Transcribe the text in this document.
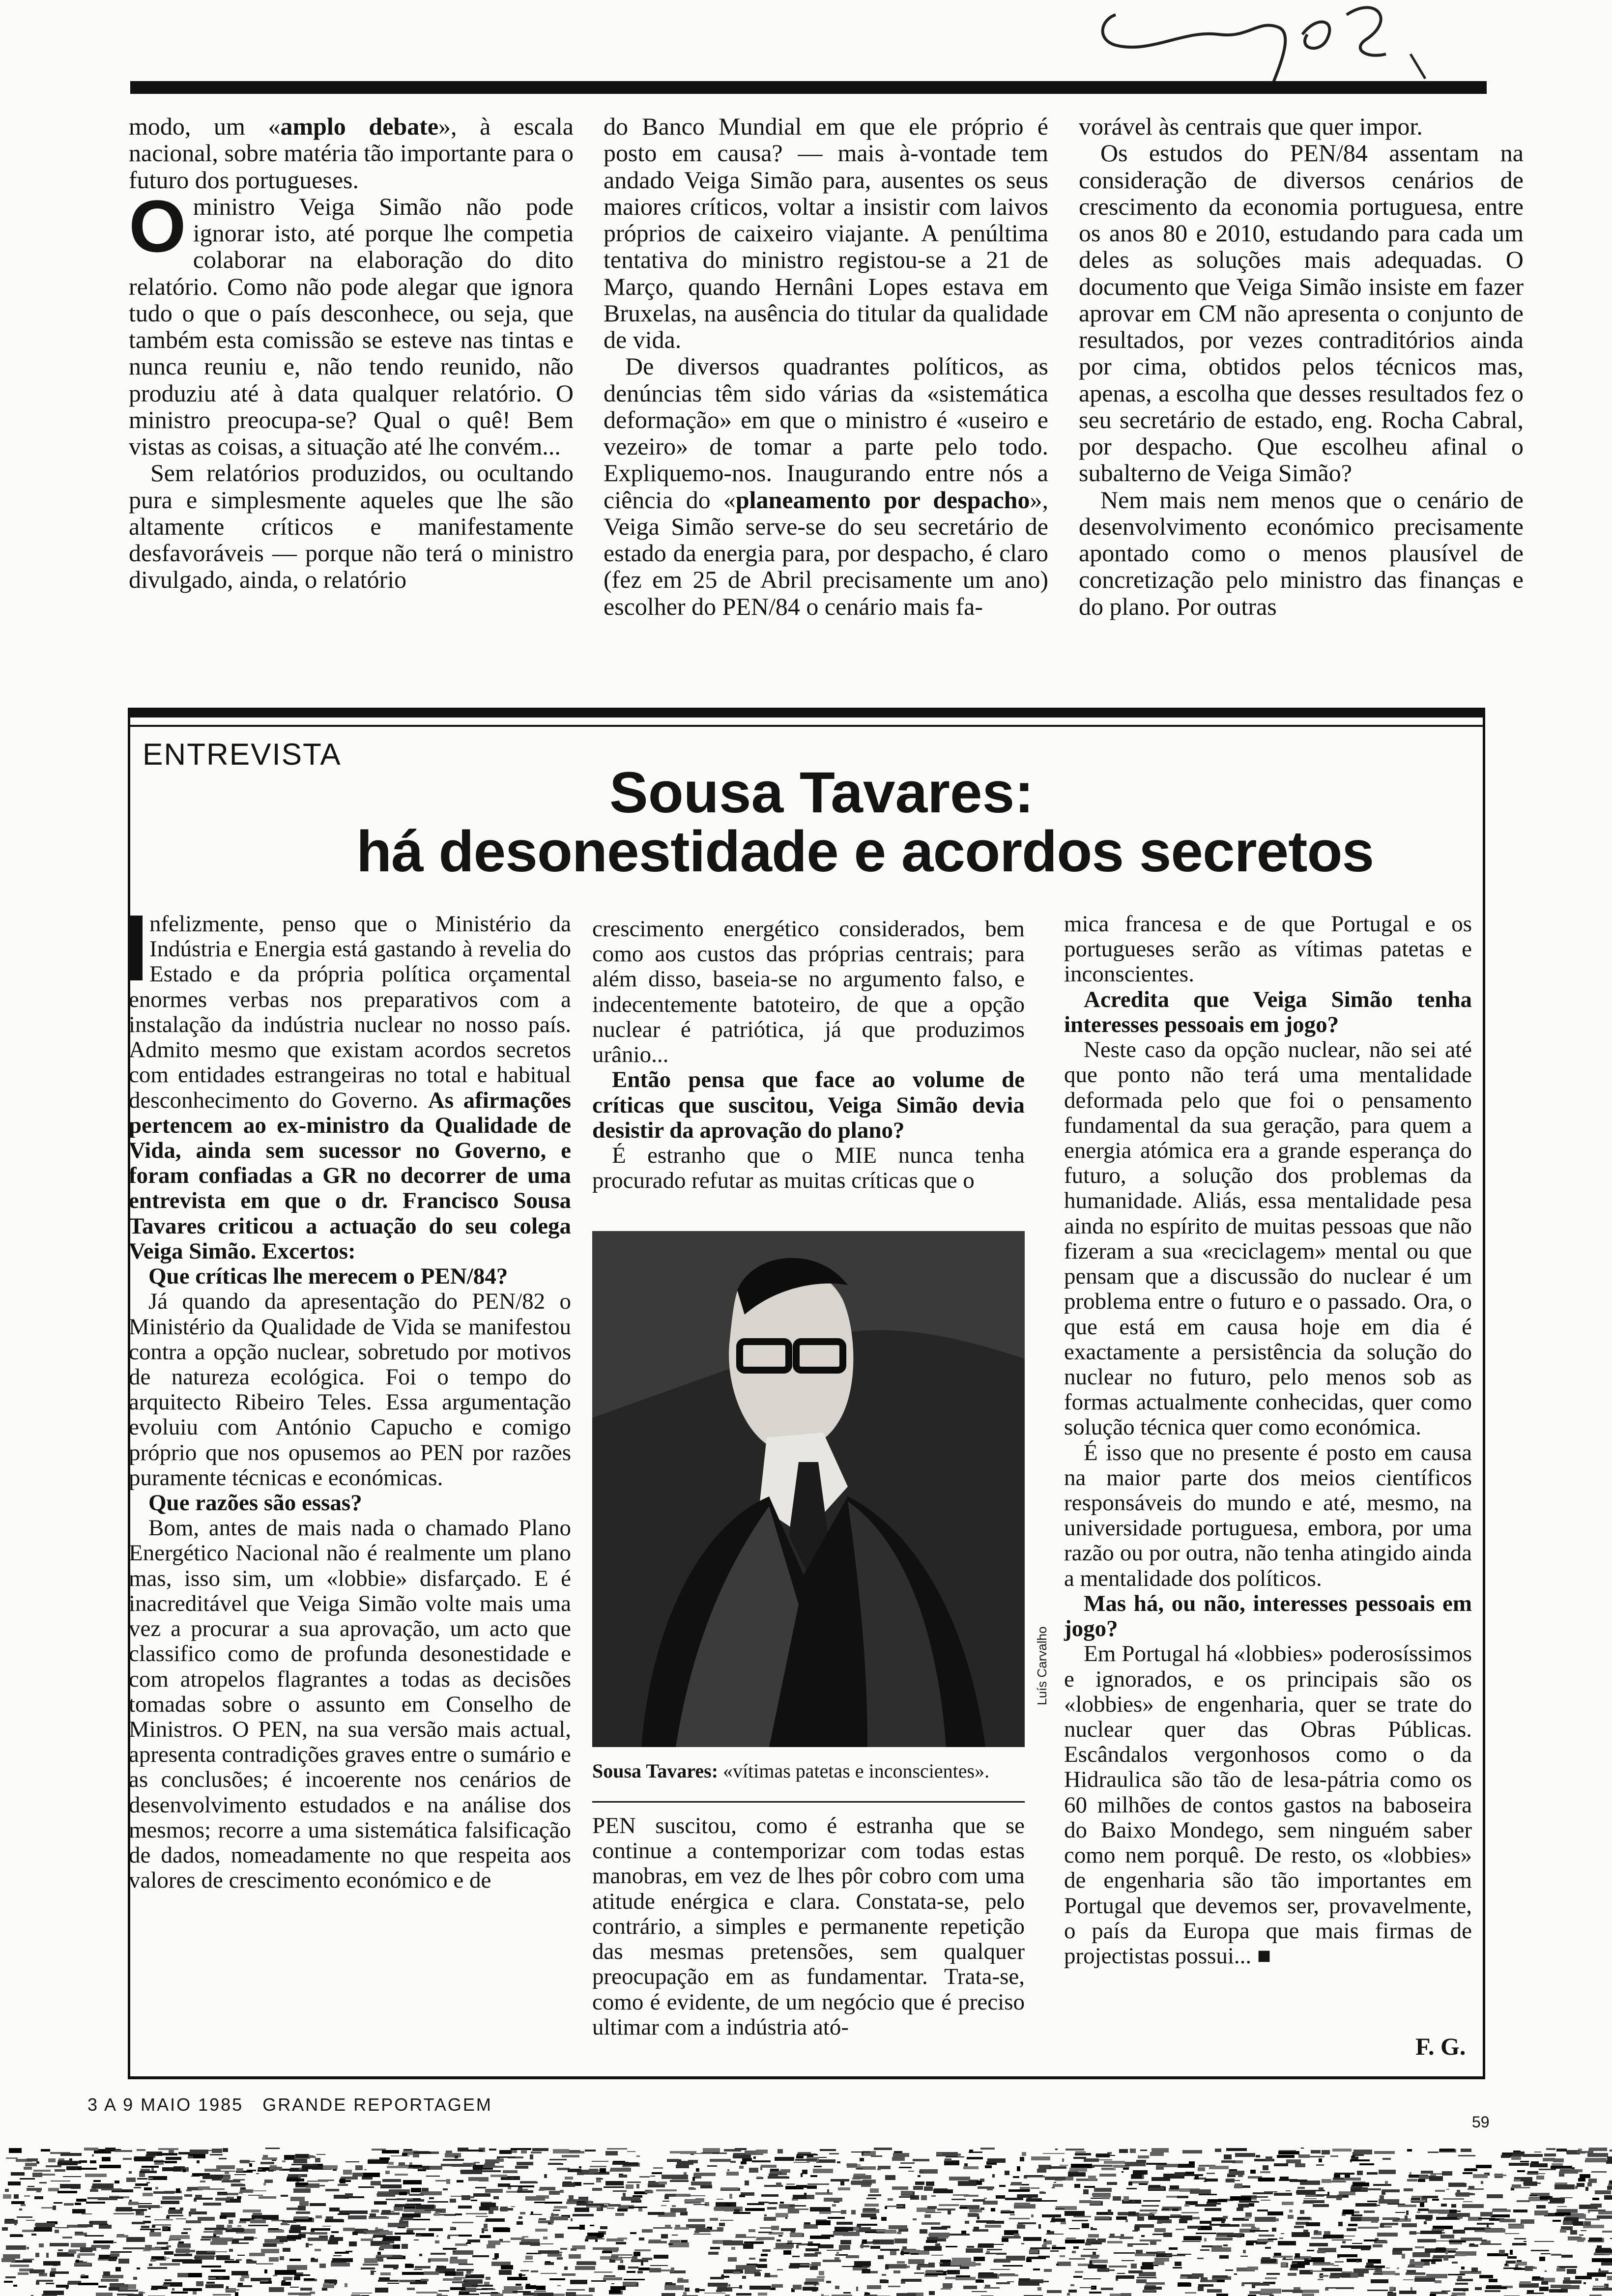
modo, um «amplo debate», à escala nacional, sobre matéria tão importante para o futuro dos portugueses.

Oministro Veiga Simão não pode ignorar isto, até porque lhe competia colaborar na elaboração do dito relatório. Como não pode alegar que ignora tudo o que o país desconhece, ou seja, que também esta comissão se esteve nas tintas e nunca reuniu e, não tendo reunido, não produziu até à data qualquer relatório. O ministro preocupa-se? Qual o quê! Bem vistas as coisas, a situação até lhe convém...

Sem relatórios produzidos, ou ocultando pura e simplesmente aqueles que lhe são altamente críticos e manifestamente desfavoráveis — porque não terá o ministro divulgado, ainda, o relatório

do Banco Mundial em que ele próprio é posto em causa? — mais à-vontade tem andado Veiga Simão para, ausentes os seus maiores críticos, voltar a insistir com laivos próprios de caixeiro viajante. A penúltima tentativa do ministro registou-se a 21 de Março, quando Hernâni Lopes estava em Bruxelas, na ausência do titular da qualidade de vida.

De diversos quadrantes políticos, as denúncias têm sido várias da «sistemática deformação» em que o ministro é «useiro e vezeiro» de tomar a parte pelo todo. Expliquemo-nos. Inaugurando entre nós a ciência do «planeamento por despacho», Veiga Simão serve-se do seu secretário de estado da energia para, por despacho, é claro (fez em 25 de Abril precisamente um ano) escolher do PEN/84 o cenário mais fa-

vorável às centrais que quer impor.

Os estudos do PEN/84 assentam na consideração de diversos cenários de crescimento da economia portuguesa, entre os anos 80 e 2010, estudando para cada um deles as soluções mais adequadas. O documento que Veiga Simão insiste em fazer aprovar em CM não apresenta o conjunto de resultados, por vezes contraditórios ainda por cima, obtidos pelos técnicos mas, apenas, a escolha que desses resultados fez o seu secretário de estado, eng. Rocha Cabral, por despacho. Que escolheu afinal o subalterno de Veiga Simão?

Nem mais nem menos que o cenário de desenvolvimento económico precisamente apontado como o menos plausível de concretização pelo ministro das finanças e do plano. Por outras

ENTREVISTA
Sousa Tavares:
há desonestidade e acordos secretos

nfelizmente, penso que o Ministério da Indústria e Energia está gastando à revelia do Estado e da própria política orçamental enormes verbas nos preparativos com a instalação da indústria nuclear no nosso país. Admito mesmo que existam acordos secretos com entidades estrangeiras no total e habitual desconhecimento do Governo. As afirmações pertencem ao ex-ministro da Qualidade de Vida, ainda sem sucessor no Governo, e foram confiadas a GR no decorrer de uma entrevista em que o dr. Francisco Sousa Tavares criticou a actuação do seu colega Veiga Simão. Excertos:

Que críticas lhe merecem o PEN/84?

Já quando da apresentação do PEN/82 o Ministério da Qualidade de Vida se manifestou contra a opção nuclear, sobretudo por motivos de natureza ecológica. Foi o tempo do arquitecto Ribeiro Teles. Essa argumentação evoluiu com António Capucho e comigo próprio que nos opusemos ao PEN por razões puramente técnicas e económicas.

Que razões são essas?

Bom, antes de mais nada o chamado Plano Energético Nacional não é realmente um plano mas, isso sim, um «lobbie» disfarçado. E é inacreditável que Veiga Simão volte mais uma vez a procurar a sua aprovação, um acto que classifico como de profunda desonestidade e com atropelos flagrantes a todas as decisões tomadas sobre o assunto em Conselho de Ministros. O PEN, na sua versão mais actual, apresenta contradições graves entre o sumário e as conclusões; é incoerente nos cenários de desenvolvimento estudados e na análise dos mesmos; recorre a uma sistemática falsificação de dados, nomeadamente no que respeita aos valores de crescimento económico e de

crescimento energético considerados, bem como aos custos das próprias centrais; para além disso, baseia-se no argumento falso, e indecentemente batoteiro, de que a opção nuclear é patriótica, já que produzimos urânio...

Então pensa que face ao volume de críticas que suscitou, Veiga Simão devia desistir da aprovação do plano?

É estranho que o MIE nunca tenha procurado refutar as muitas críticas que o

Luís Carvalho
Sousa Tavares: «vítimas patetas e inconscientes».

PEN suscitou, como é estranha que se continue a contemporizar com todas estas manobras, em vez de lhes pôr cobro com uma atitude enérgica e clara. Constata-se, pelo contrário, a simples e permanente repetição das mesmas pretensões, sem qualquer preocupação em as fundamentar. Trata-se, como é evidente, de um negócio que é preciso ultimar com a indústria ató-

mica francesa e de que Portugal e os portugueses serão as vítimas patetas e inconscientes.

Acredita que Veiga Simão tenha interesses pessoais em jogo?

Neste caso da opção nuclear, não sei até que ponto não terá uma mentalidade deformada pelo que foi o pensamento fundamental da sua geração, para quem a energia atómica era a grande esperança do futuro, a solução dos problemas da humanidade. Aliás, essa mentalidade pesa ainda no espírito de muitas pessoas que não fizeram a sua «reciclagem» mental ou que pensam que a discussão do nuclear é um problema entre o futuro e o passado. Ora, o que está em causa hoje em dia é exactamente a persistência da solução do nuclear no futuro, pelo menos sob as formas actualmente conhecidas, quer como solução técnica quer como económica.

É isso que no presente é posto em causa na maior parte dos meios científicos responsáveis do mundo e até, mesmo, na universidade portuguesa, embora, por uma razão ou por outra, não tenha atingido ainda a mentalidade dos políticos.

Mas há, ou não, interesses pessoais em jogo?

Em Portugal há «lobbies» poderosíssimos e ignorados, e os principais são os «lobbies» de engenharia, quer se trate do nuclear quer das Obras Públicas. Escândalos vergonhosos como o da Hidraulica são tão de lesa-pátria como os 60 milhões de contos gastos na baboseira do Baixo Mondego, sem ninguém saber como nem porquê. De resto, os «lobbies» de engenharia são tão importantes em Portugal que devemos ser, provavelmente, o país da Europa que mais firmas de projectistas possui... ■

F. G.
3 A 9 MAIO 1985   GRANDE REPORTAGEM
59
